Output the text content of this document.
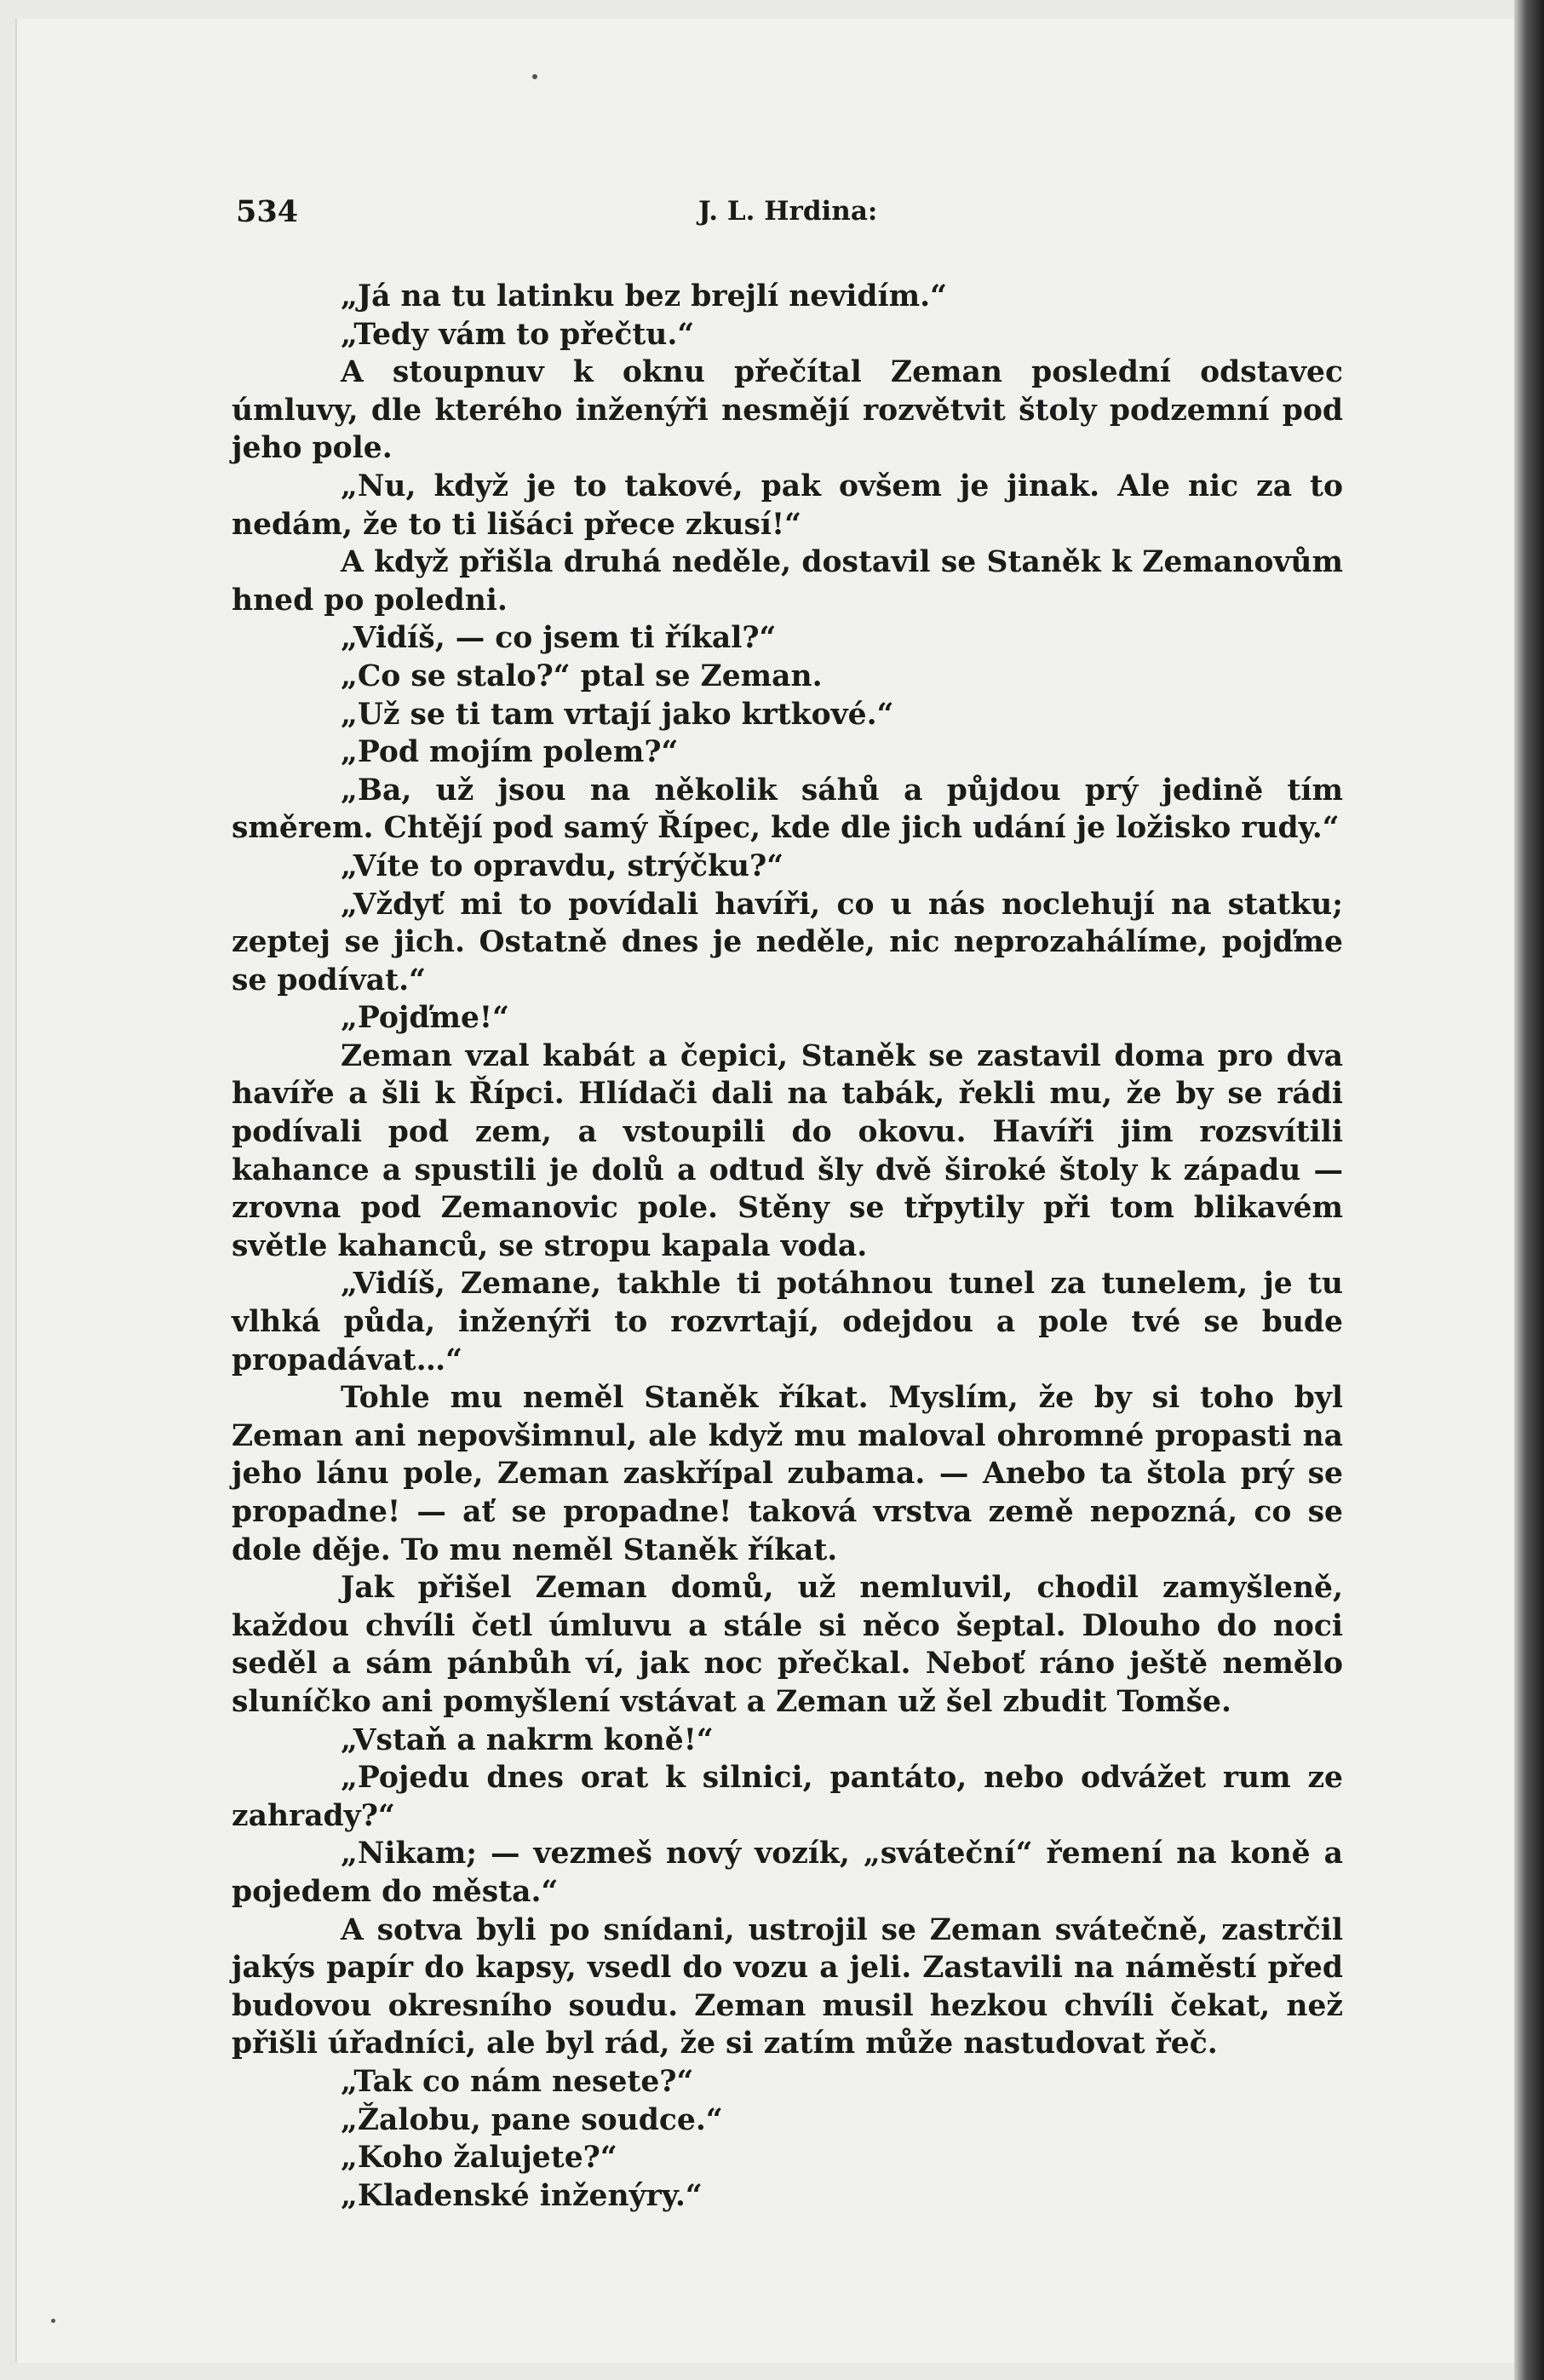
534	J. L. Hrdina:

„Já na tu latinku bez brejlí nevidím.“

„Tedy vám to přečtu.“

A stoupnuv k oknu přečítal Zeman poslední odstavec úmluvy, dle kterého inženýři nesmějí rozvětvit štoly podzemní pod jeho pole.

„Nu, když je to takové, pak ovšem je jinak. Ale nic za to nedám, že to ti lišáci přece zkusí!“

A když přišla druhá neděle, dostavil se Staněk k Zemanovům hned po poledni.

„Vidíš, — co jsem ti říkal?“

„Co se stalo?“ ptal se Zeman.

„Už se ti tam vrtají jako krtkové.“

„Pod mojím polem?“

„Ba, už jsou na několik sáhů a půjdou prý jedině tím směrem. Chtějí pod samý Řípec, kde dle jich udání je ložisko rudy.“

„Víte to opravdu, strýčku?“

„Vždyť mi to povídali havíři, co u nás noclehují na statku; zeptej se jich. Ostatně dnes je neděle, nic neprozahálíme, pojďme se podívat.“

„Pojďme!“

Zeman vzal kabát a čepici, Staněk se zastavil doma pro dva havíře a šli k Řípci. Hlídači dali na tabák, řekli mu, že by se rádi podívali pod zem, a vstoupili do okovu. Havíři jim rozsvítili kahance a spustili je dolů a odtud šly dvě široké štoly k západu — zrovna pod Zemanovic pole. Stěny se třpytily při tom blikavém světle kahanců, se stropu kapala voda.

„Vidíš, Zemane, takhle ti potáhnou tunel za tunelem, je tu vlhká půda, inženýři to rozvrtají, odejdou a pole tvé se bude propadávat…“

Tohle mu neměl Staněk říkat. Myslím, že by si toho byl Zeman ani nepovšimnul, ale když mu maloval ohromné propasti na jeho lánu pole, Zeman zaskřípal zubama. — Anebo ta štola prý se propadne! — ať se propadne! taková vrstva země nepozná, co se dole děje. To mu neměl Staněk říkat.

Jak přišel Zeman domů, už nemluvil, chodil zamyšleně, každou chvíli četl úmluvu a stále si něco šeptal. Dlouho do noci seděl a sám pánbůh ví, jak noc přečkal. Neboť ráno ještě nemělo sluníčko ani pomyšlení vstávat a Zeman už šel zbudit Tomše.

„Vstaň a nakrm koně!“

„Pojedu dnes orat k silnici, pantáto, nebo odvážet rum ze zahrady?“

„Nikam; — vezmeš nový vozík, „sváteční“ řemení na koně a pojedem do města.“

A sotva byli po snídani, ustrojil se Zeman svátečně, zastrčil jakýs papír do kapsy, vsedl do vozu a jeli. Zastavili na náměstí před budovou okresního soudu. Zeman musil hezkou chvíli čekat, než přišli úřadníci, ale byl rád, že si zatím může nastudovat řeč.

„Tak co nám nesete?“

„Žalobu, pane soudce.“

„Koho žalujete?“

„Kladenské inženýry.“
